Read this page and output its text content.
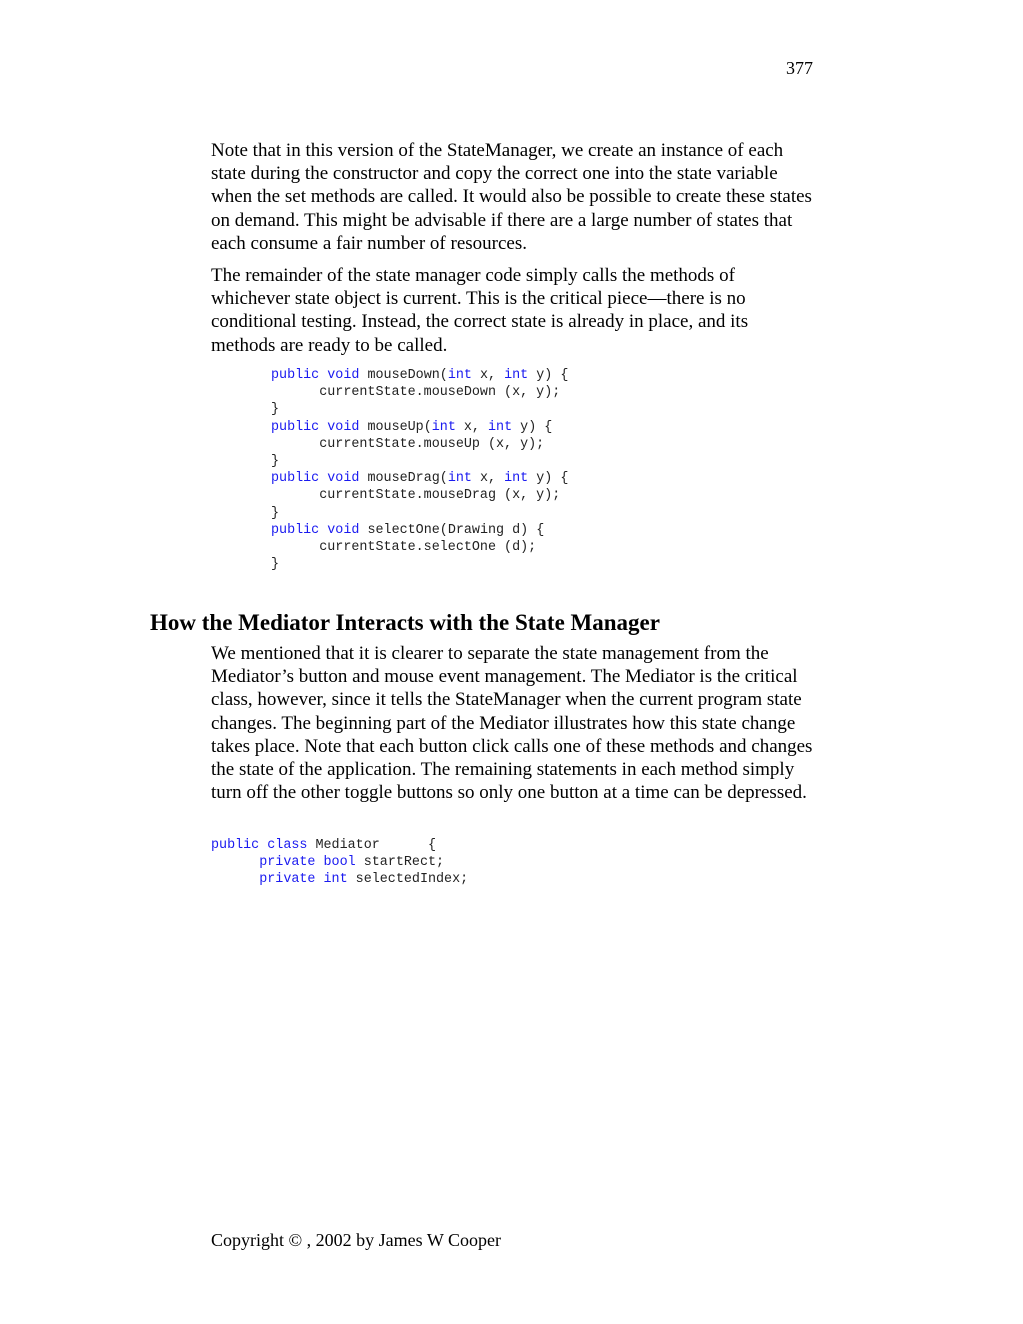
377

Note that in this version of the StateManager, we create an instance of each state during the constructor and copy the correct one into the state variable when the set methods are called. It would also be possible to create these states on demand. This might be advisable if there are a large number of states that each consume a fair number of resources.

The remainder of the state manager code simply calls the methods of whichever state object is current. This is the critical piece—there is no conditional testing. Instead, the correct state is already in place, and its methods are ready to be called.

public void mouseDown(int x, int y) {
currentState.mouseDown (x, y);
}
public void mouseUp(int x, int y) {
currentState.mouseUp (x, y);
}
public void mouseDrag(int x, int y) {
currentState.mouseDrag (x, y);
}
public void selectOne(Drawing d) {
currentState.selectOne (d);
}
How the Mediator Interacts with the State Manager

We mentioned that it is clearer to separate the state management from the Mediator’s button and mouse event management. The Mediator is the critical class, however, since it tells the StateManager when the current program state changes. The beginning part of the Mediator illustrates how this state change takes place. Note that each button click calls one of these methods and changes the state of the application. The remaining statements in each method simply turn off the other toggle buttons so only one button at a time can be depressed.

public class Mediator      {
private bool startRect;
private int selectedIndex;
Copyright © , 2002 by James W Cooper
